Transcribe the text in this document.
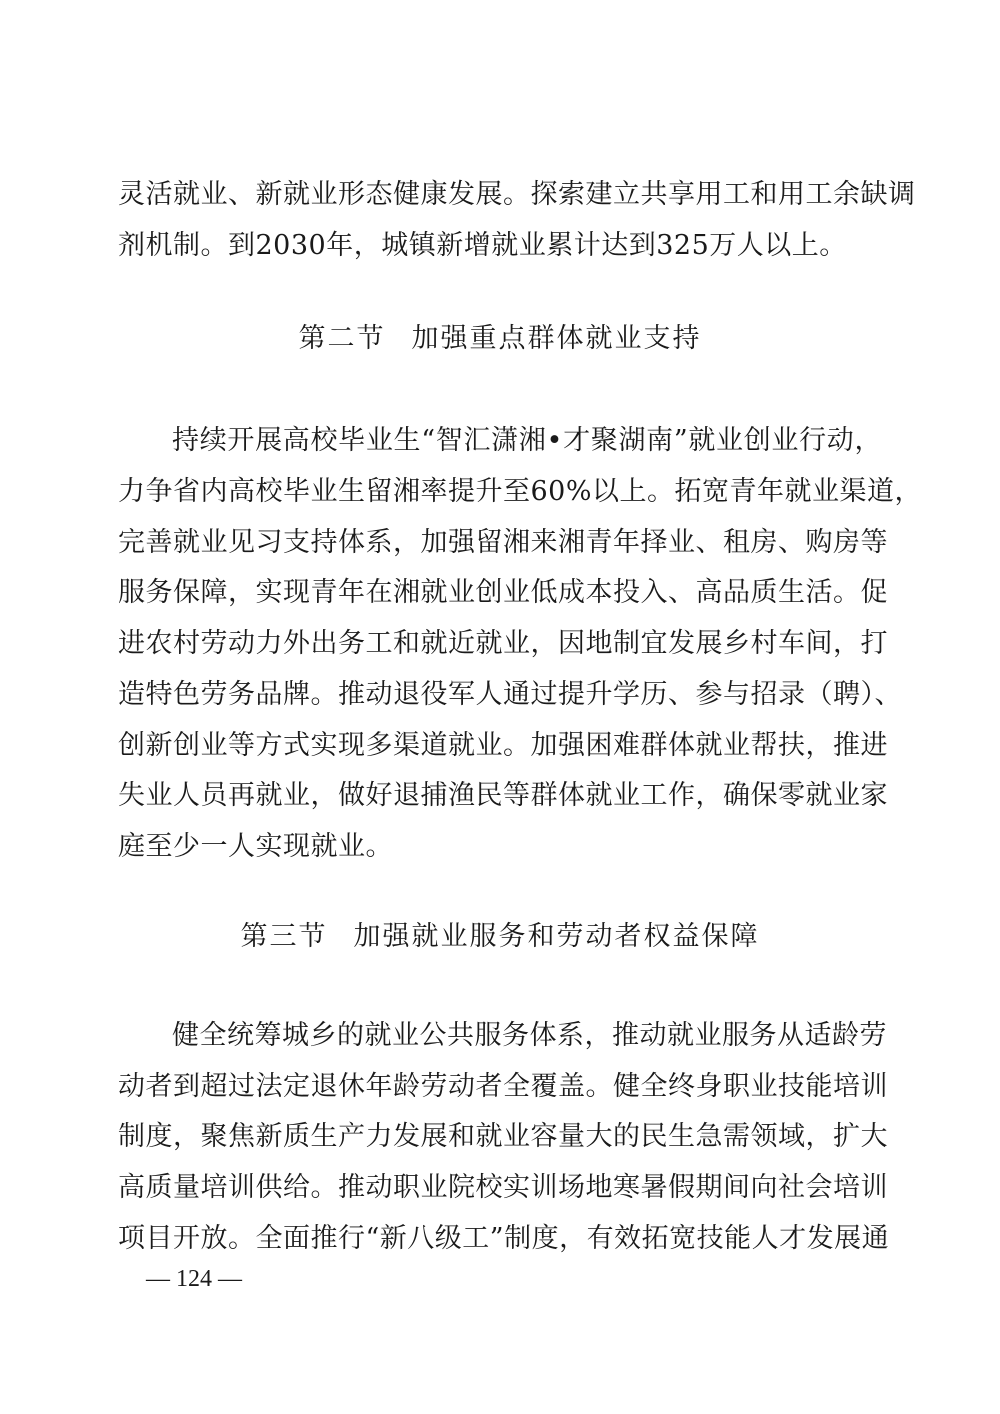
灵活就业、新就业形态健康发展。探索建立共享用工和用工余缺调
剂机制。到2030年，城镇新增就业累计达到325万人以上。
第二节 加强重点群体就业支持
持续开展高校毕业生“智汇潇湘•才聚湖南”就业创业行动，
力争省内高校毕业生留湘率提升至60%以上。拓宽青年就业渠道，
完善就业见习支持体系，加强留湘来湘青年择业、租房、购房等
服务保障，实现青年在湘就业创业低成本投入、高品质生活。促
进农村劳动力外出务工和就近就业，因地制宜发展乡村车间，打
造特色劳务品牌。推动退役军人通过提升学历、参与招录（聘）、
创新创业等方式实现多渠道就业。加强困难群体就业帮扶，推进
失业人员再就业，做好退捕渔民等群体就业工作，确保零就业家
庭至少一人实现就业。
第三节 加强就业服务和劳动者权益保障
健全统筹城乡的就业公共服务体系，推动就业服务从适龄劳
动者到超过法定退休年龄劳动者全覆盖。健全终身职业技能培训
制度，聚焦新质生产力发展和就业容量大的民生急需领域，扩大
高质量培训供给。推动职业院校实训场地寒暑假期间向社会培训
项目开放。全面推行“新八级工”制度，有效拓宽技能人才发展通
— 124 —
